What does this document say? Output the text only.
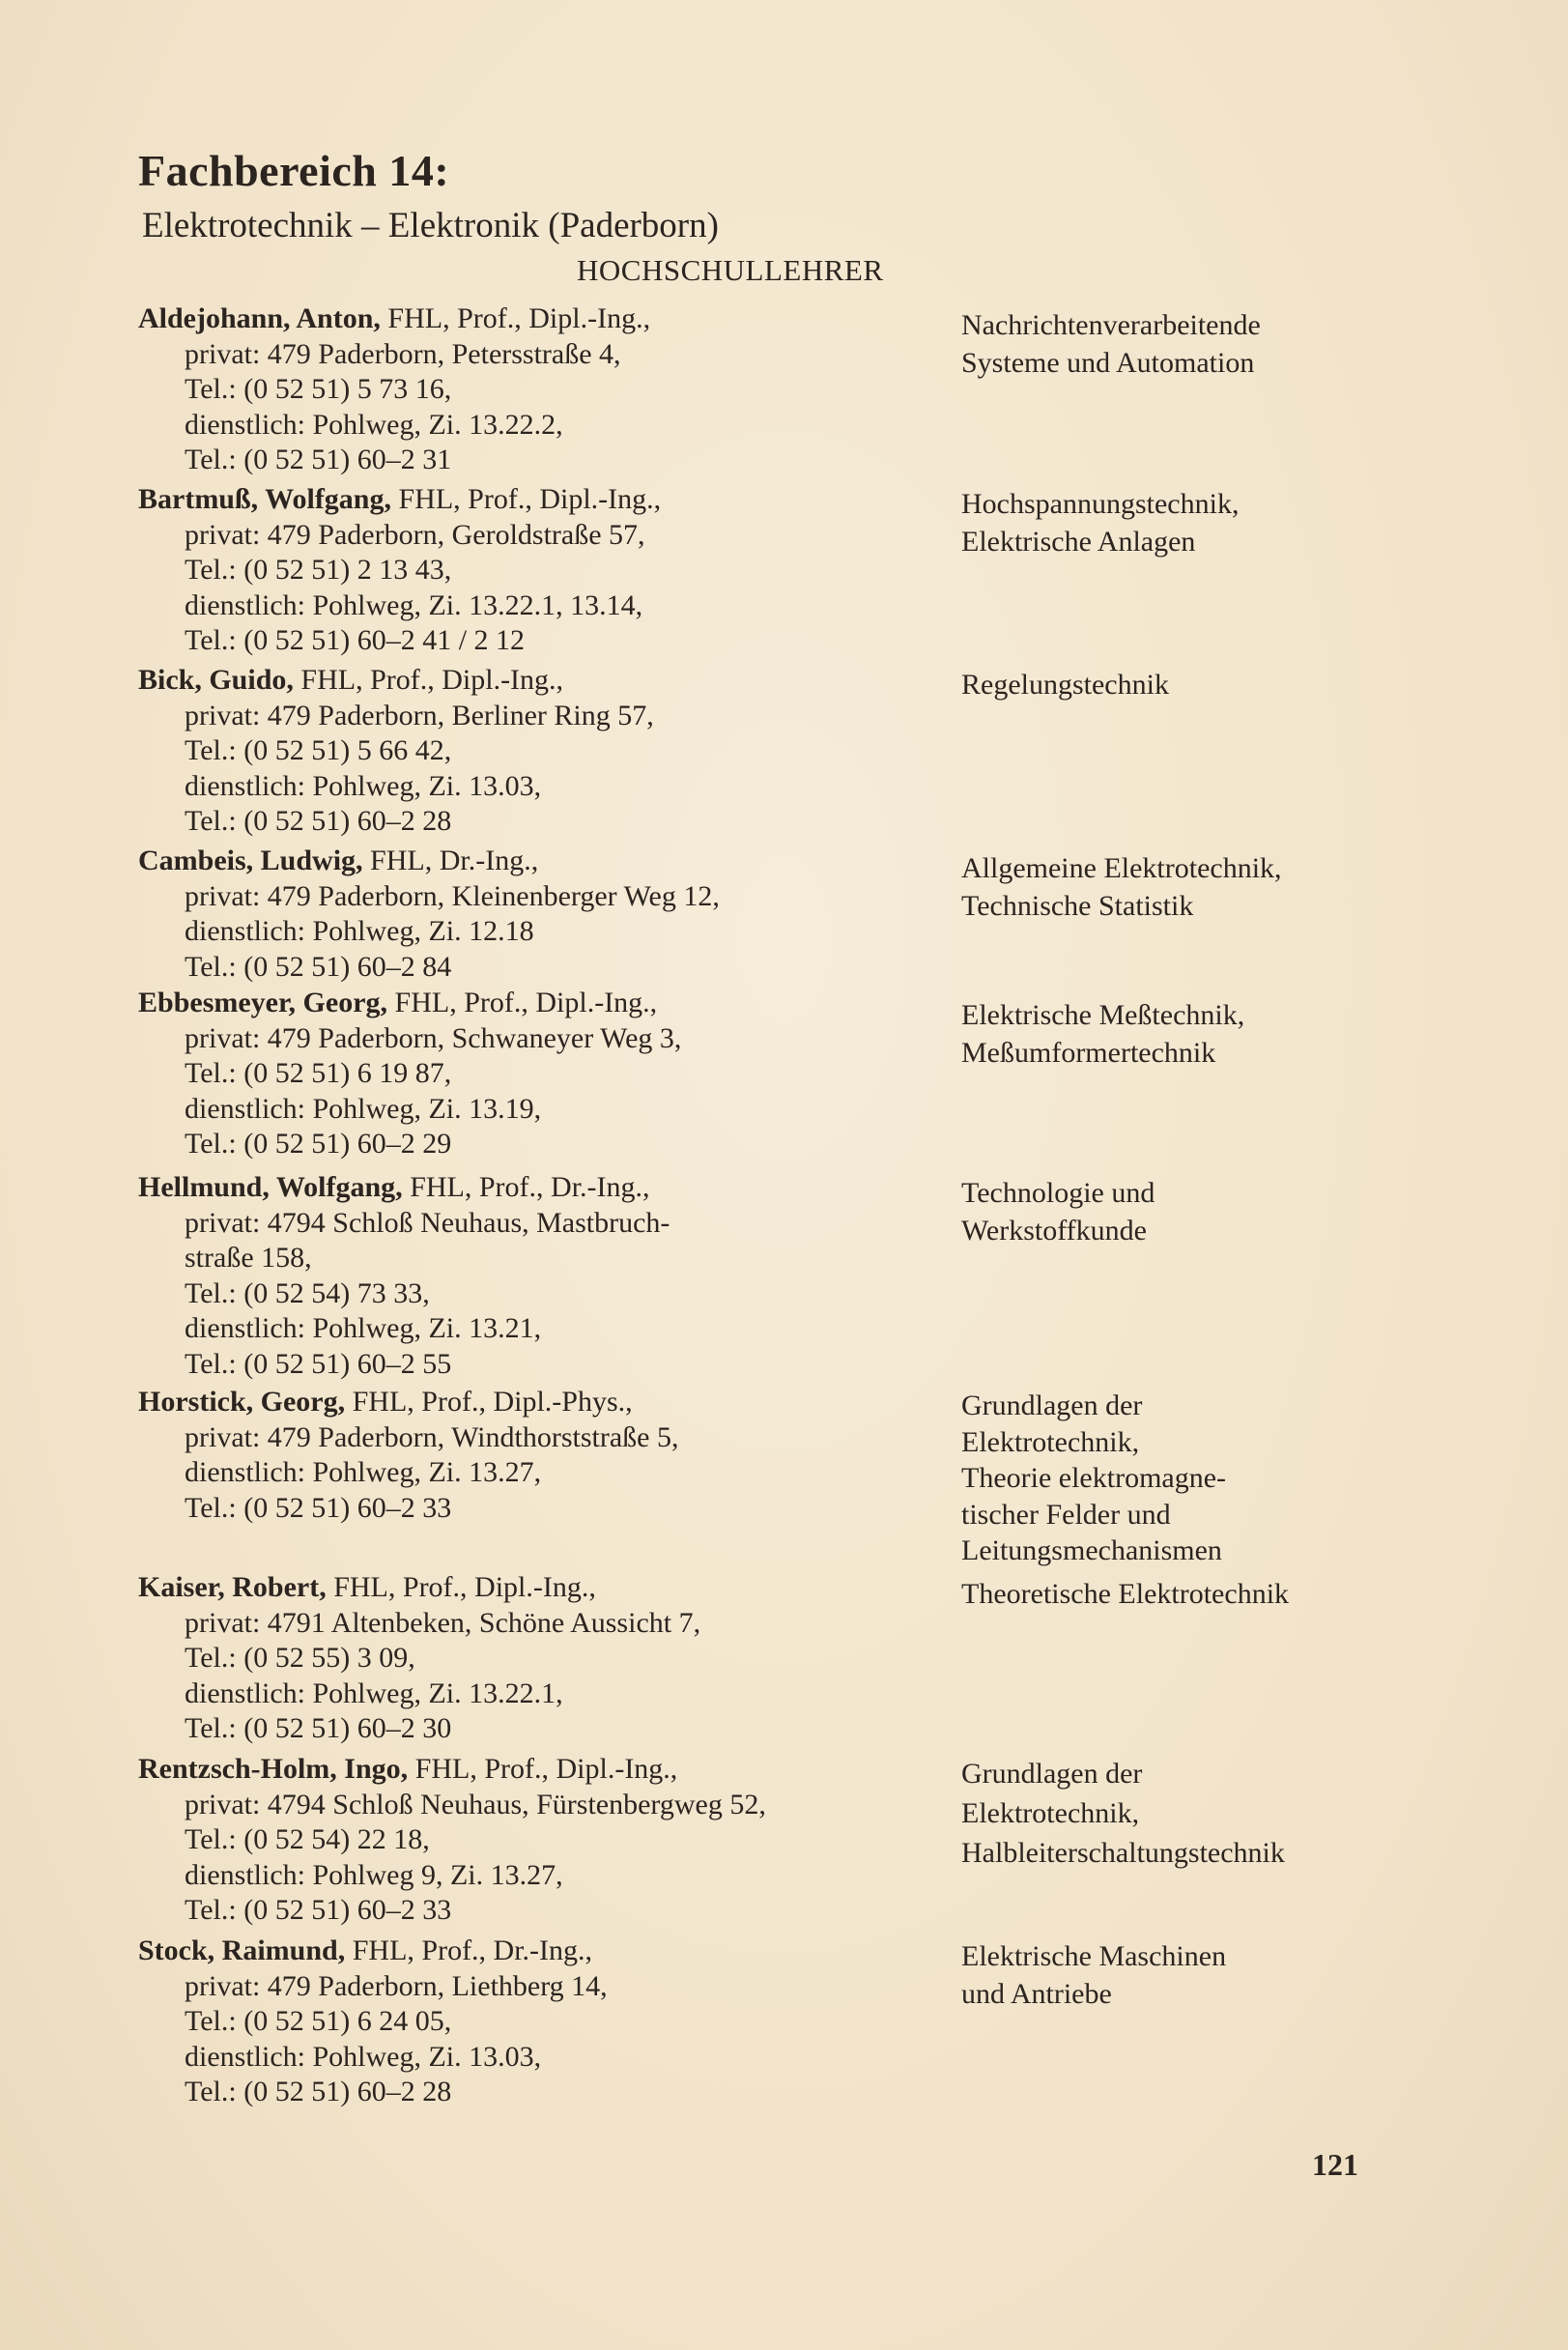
Fachbereich 14:
Elektrotechnik – Elektronik (Paderborn)
HOCHSCHULLEHRER
Aldejohann, Anton, FHL, Prof., Dipl.-Ing.,
privat: 479 Paderborn, Petersstraße 4,
Tel.: (0 52 51) 5 73 16,
dienstlich: Pohlweg, Zi. 13.22.2,
Tel.: (0 52 51) 60–2 31
Nachrichtenverarbeitende
Systeme und Automation
Bartmuß, Wolfgang, FHL, Prof., Dipl.-Ing.,
privat: 479 Paderborn, Geroldstraße 57,
Tel.: (0 52 51) 2 13 43,
dienstlich: Pohlweg, Zi. 13.22.1, 13.14,
Tel.: (0 52 51) 60–2 41 / 2 12
Hochspannungstechnik,
Elektrische Anlagen
Bick, Guido, FHL, Prof., Dipl.-Ing.,
privat: 479 Paderborn, Berliner Ring 57,
Tel.: (0 52 51) 5 66 42,
dienstlich: Pohlweg, Zi. 13.03,
Tel.: (0 52 51) 60–2 28
Regelungstechnik
Cambeis, Ludwig, FHL, Dr.-Ing.,
privat: 479 Paderborn, Kleinenberger Weg 12,
dienstlich: Pohlweg, Zi. 12.18
Tel.: (0 52 51) 60–2 84
Allgemeine Elektrotechnik,
Technische Statistik
Ebbesmeyer, Georg, FHL, Prof., Dipl.-Ing.,
privat: 479 Paderborn, Schwaneyer Weg 3,
Tel.: (0 52 51) 6 19 87,
dienstlich: Pohlweg, Zi. 13.19,
Tel.: (0 52 51) 60–2 29
Elektrische Meßtechnik,
Meßumformertechnik
Hellmund, Wolfgang, FHL, Prof., Dr.-Ing.,
privat: 4794 Schloß Neuhaus, Mastbruch-
straße 158,
Tel.: (0 52 54) 73 33,
dienstlich: Pohlweg, Zi. 13.21,
Tel.: (0 52 51) 60–2 55
Technologie und
Werkstoffkunde
Horstick, Georg, FHL, Prof., Dipl.-Phys.,
privat: 479 Paderborn, Windthorststraße 5,
dienstlich: Pohlweg, Zi. 13.27,
Tel.: (0 52 51) 60–2 33
Grundlagen der
Elektrotechnik,
Theorie elektromagne-
tischer Felder und
Leitungsmechanismen
Kaiser, Robert, FHL, Prof., Dipl.-Ing.,
privat: 4791 Altenbeken, Schöne Aussicht 7,
Tel.: (0 52 55) 3 09,
dienstlich: Pohlweg, Zi. 13.22.1,
Tel.: (0 52 51) 60–2 30
Theoretische Elektrotechnik
Rentzsch-Holm, Ingo, FHL, Prof., Dipl.-Ing.,
privat: 4794 Schloß Neuhaus, Fürstenbergweg 52,
Tel.: (0 52 54) 22 18,
dienstlich: Pohlweg 9, Zi. 13.27,
Tel.: (0 52 51) 60–2 33
Grundlagen der
Elektrotechnik,
Halbleiterschaltungstechnik
Stock, Raimund, FHL, Prof., Dr.-Ing.,
privat: 479 Paderborn, Liethberg 14,
Tel.: (0 52 51) 6 24 05,
dienstlich: Pohlweg, Zi. 13.03,
Tel.: (0 52 51) 60–2 28
Elektrische Maschinen
und Antriebe
121
